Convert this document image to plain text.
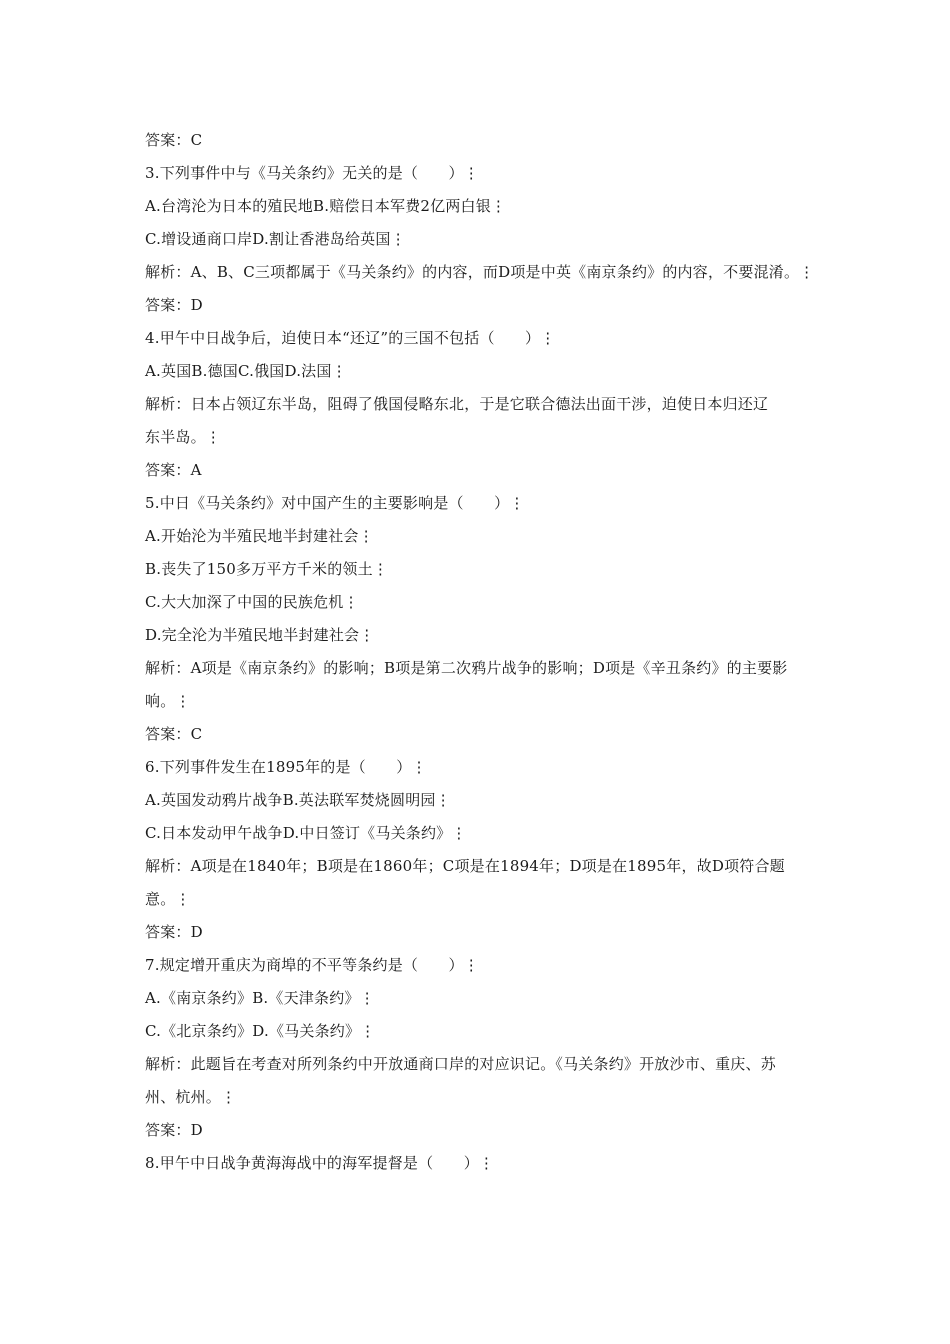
答案：C
3.下列事件中与《马关条约》无关的是（　　）⋮
A.台湾沦为日本的殖民地B.赔偿日本军费2亿两白银⋮
C.增设通商口岸D.割让香港岛给英国⋮
解析：A、B、C三项都属于《马关条约》的内容，而D项是中英《南京条约》的内容，不要混淆。⋮
答案：D
4.甲午中日战争后，迫使日本“还辽”的三国不包括（　　）⋮
A.英国B.德国C.俄国D.法国⋮
解析：日本占领辽东半岛，阻碍了俄国侵略东北，于是它联合德法出面干涉，迫使日本归还辽
东半岛。⋮
答案：A
5.中日《马关条约》对中国产生的主要影响是（　　）⋮
A.开始沦为半殖民地半封建社会⋮
B.丧失了150多万平方千米的领土⋮
C.大大加深了中国的民族危机⋮
D.完全沦为半殖民地半封建社会⋮
解析：A项是《南京条约》的影响；B项是第二次鸦片战争的影响；D项是《辛丑条约》的主要影
响。⋮
答案：C
6.下列事件发生在1895年的是（　　）⋮
A.英国发动鸦片战争B.英法联军焚烧圆明园⋮
C.日本发动甲午战争D.中日签订《马关条约》⋮
解析：A项是在1840年；B项是在1860年；C项是在1894年；D项是在1895年，故D项符合题
意。⋮
答案：D
7.规定增开重庆为商埠的不平等条约是（　　）⋮
A.《南京条约》B.《天津条约》⋮
C.《北京条约》D.《马关条约》⋮
解析：此题旨在考查对所列条约中开放通商口岸的对应识记。《马关条约》开放沙市、重庆、苏
州、杭州。⋮
答案：D
8.甲午中日战争黄海海战中的海军提督是（　　）⋮
